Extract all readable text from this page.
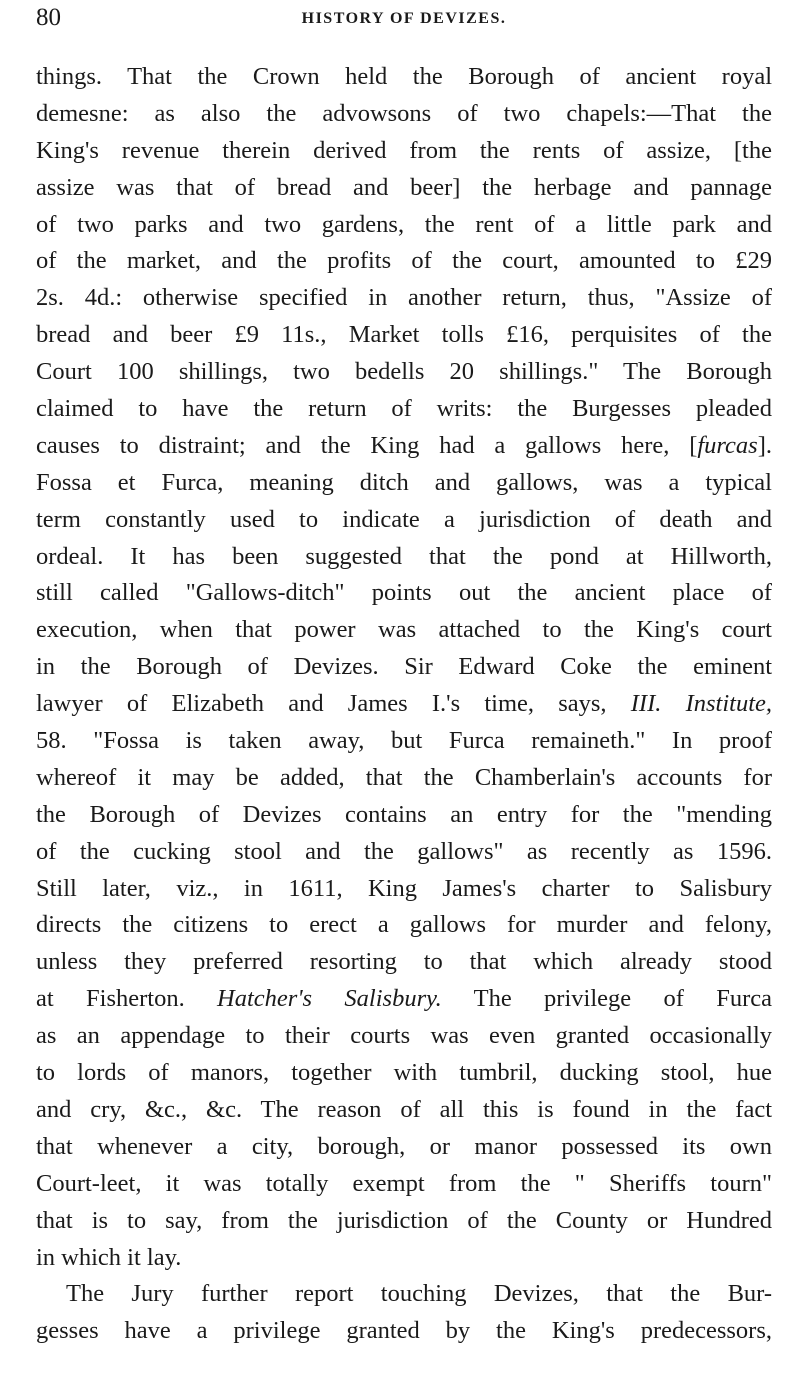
80	HISTORY OF DEVIZES.
things. That the Crown held the Borough of ancient royal
demesne: as also the advowsons of two chapels:—That the
King's revenue therein derived from the rents of assize, [the
assize was that of bread and beer] the herbage and pannage
of two parks and two gardens, the rent of a little park and
of the market, and the profits of the court, amounted to £29
2s. 4d.: otherwise specified in another return, thus, "Assize of
bread and beer £9 11s., Market tolls £16, perquisites of the
Court 100 shillings, two bedells 20 shillings." The Borough
claimed to have the return of writs: the Burgesses pleaded
causes to distraint; and the King had a gallows here, [furcas].
Fossa et Furca, meaning ditch and gallows, was a typical
term constantly used to indicate a jurisdiction of death and
ordeal. It has been suggested that the pond at Hillworth,
still called "Gallows-ditch" points out the ancient place of
execution, when that power was attached to the King's court
in the Borough of Devizes. Sir Edward Coke the eminent
lawyer of Elizabeth and James I.'s time, says, III. Institute,
58. "Fossa is taken away, but Furca remaineth." In proof
whereof it may be added, that the Chamberlain's accounts for
the Borough of Devizes contains an entry for the "mending
of the cucking stool and the gallows" as recently as 1596.
Still later, viz., in 1611, King James's charter to Salisbury
directs the citizens to erect a gallows for murder and felony,
unless they preferred resorting to that which already stood
at Fisherton. Hatcher's Salisbury. The privilege of Furca
as an appendage to their courts was even granted occasionally
to lords of manors, together with tumbril, ducking stool, hue
and cry, &c., &c. The reason of all this is found in the fact
that whenever a city, borough, or manor possessed its own
Court-leet, it was totally exempt from the " Sheriffs tourn"
that is to say, from the jurisdiction of the County or Hundred
in which it lay.
The Jury further report touching Devizes, that the Bur-
gesses have a privilege granted by the King's predecessors,
